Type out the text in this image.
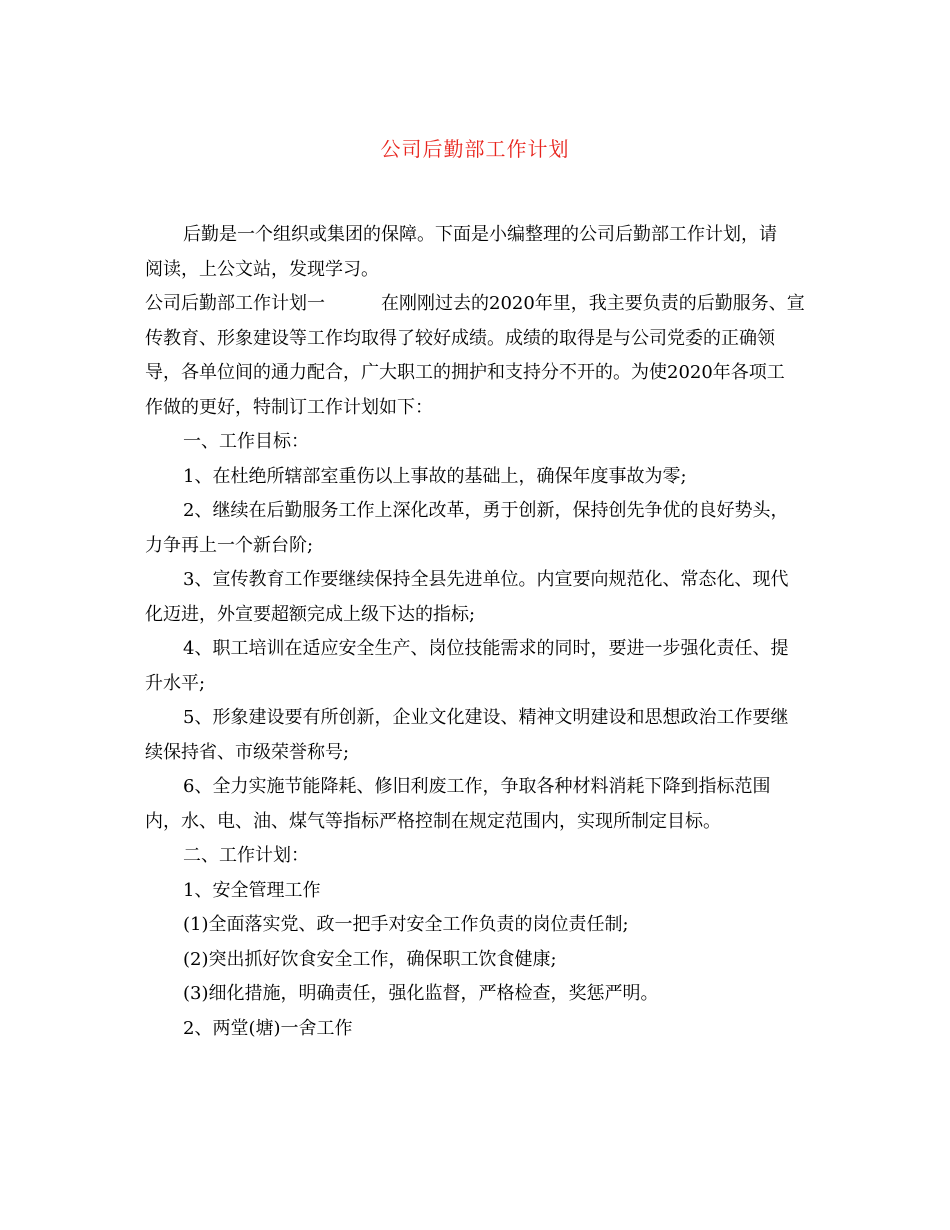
公司后勤部工作计划

后勤是一个组织或集团的保障。下面是小编整理的公司后勤部工作计划，请

阅读，上公文站，发现学习。

公司后勤部工作计划一	在刚刚过去的2020年里，我主要负责的后勤服务、宣

传教育、形象建设等工作均取得了较好成绩。成绩的取得是与公司党委的正确领

导，各单位间的通力配合，广大职工的拥护和支持分不开的。为使2020年各项工

作做的更好，特制订工作计划如下：

一、工作目标：

1、在杜绝所辖部室重伤以上事故的基础上，确保年度事故为零;

2、继续在后勤服务工作上深化改革，勇于创新，保持创先争优的良好势头，

力争再上一个新台阶;

3、宣传教育工作要继续保持全县先进单位。内宣要向规范化、常态化、现代

化迈进，外宣要超额完成上级下达的指标;

4、职工培训在适应安全生产、岗位技能需求的同时，要进一步强化责任、提

升水平;

5、形象建设要有所创新，企业文化建设、精神文明建设和思想政治工作要继

续保持省、市级荣誉称号;

6、全力实施节能降耗、修旧利废工作，争取各种材料消耗下降到指标范围

内，水、电、油、煤气等指标严格控制在规定范围内，实现所制定目标。

二、工作计划：

1、安全管理工作

(1)全面落实党、政一把手对安全工作负责的岗位责任制;

(2)突出抓好饮食安全工作，确保职工饮食健康;

(3)细化措施，明确责任，强化监督，严格检查，奖惩严明。

2、两堂(塘)一舍工作
